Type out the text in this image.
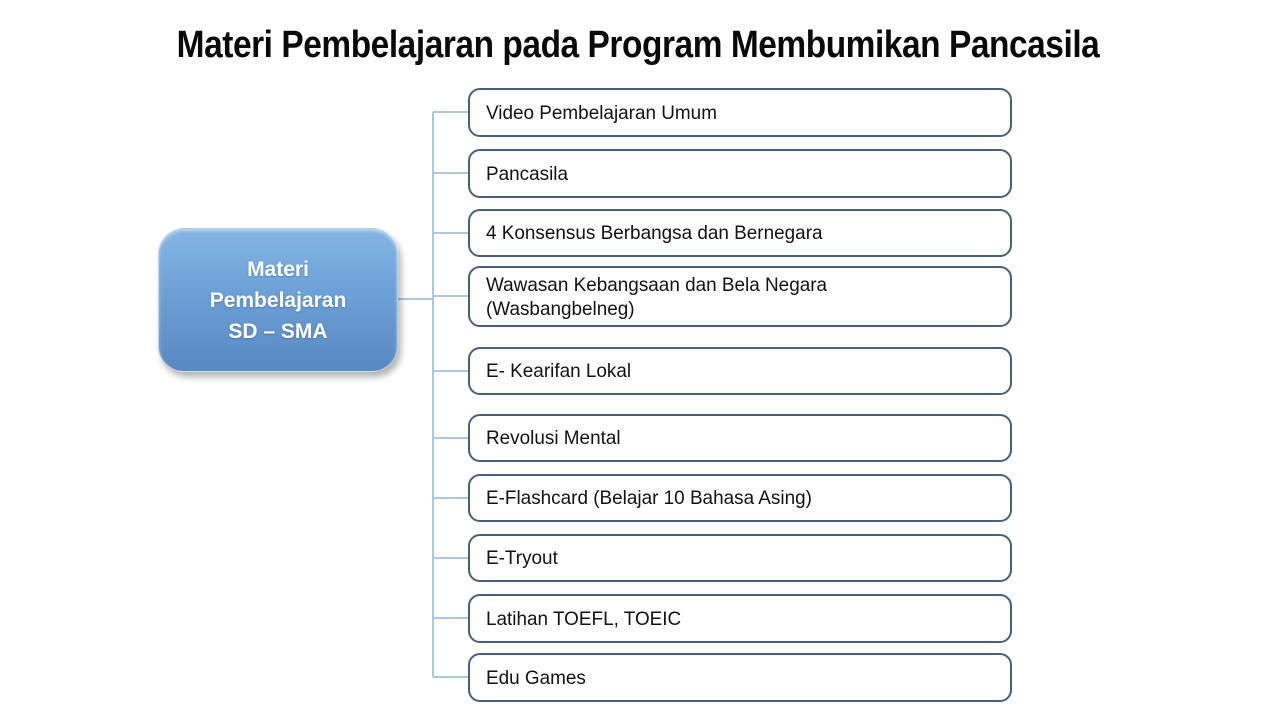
Materi Pembelajaran pada Program Membumikan Pancasila
Materi
Pembelajaran
SD – SMA
Video Pembelajaran Umum
Pancasila
4 Konsensus Berbangsa dan Bernegara
Wawasan Kebangsaan dan Bela Negara (Wasbangbelneg)
E- Kearifan Lokal
Revolusi Mental
E-Flashcard (Belajar 10 Bahasa Asing)
E-Tryout
Latihan TOEFL, TOEIC
Edu Games
